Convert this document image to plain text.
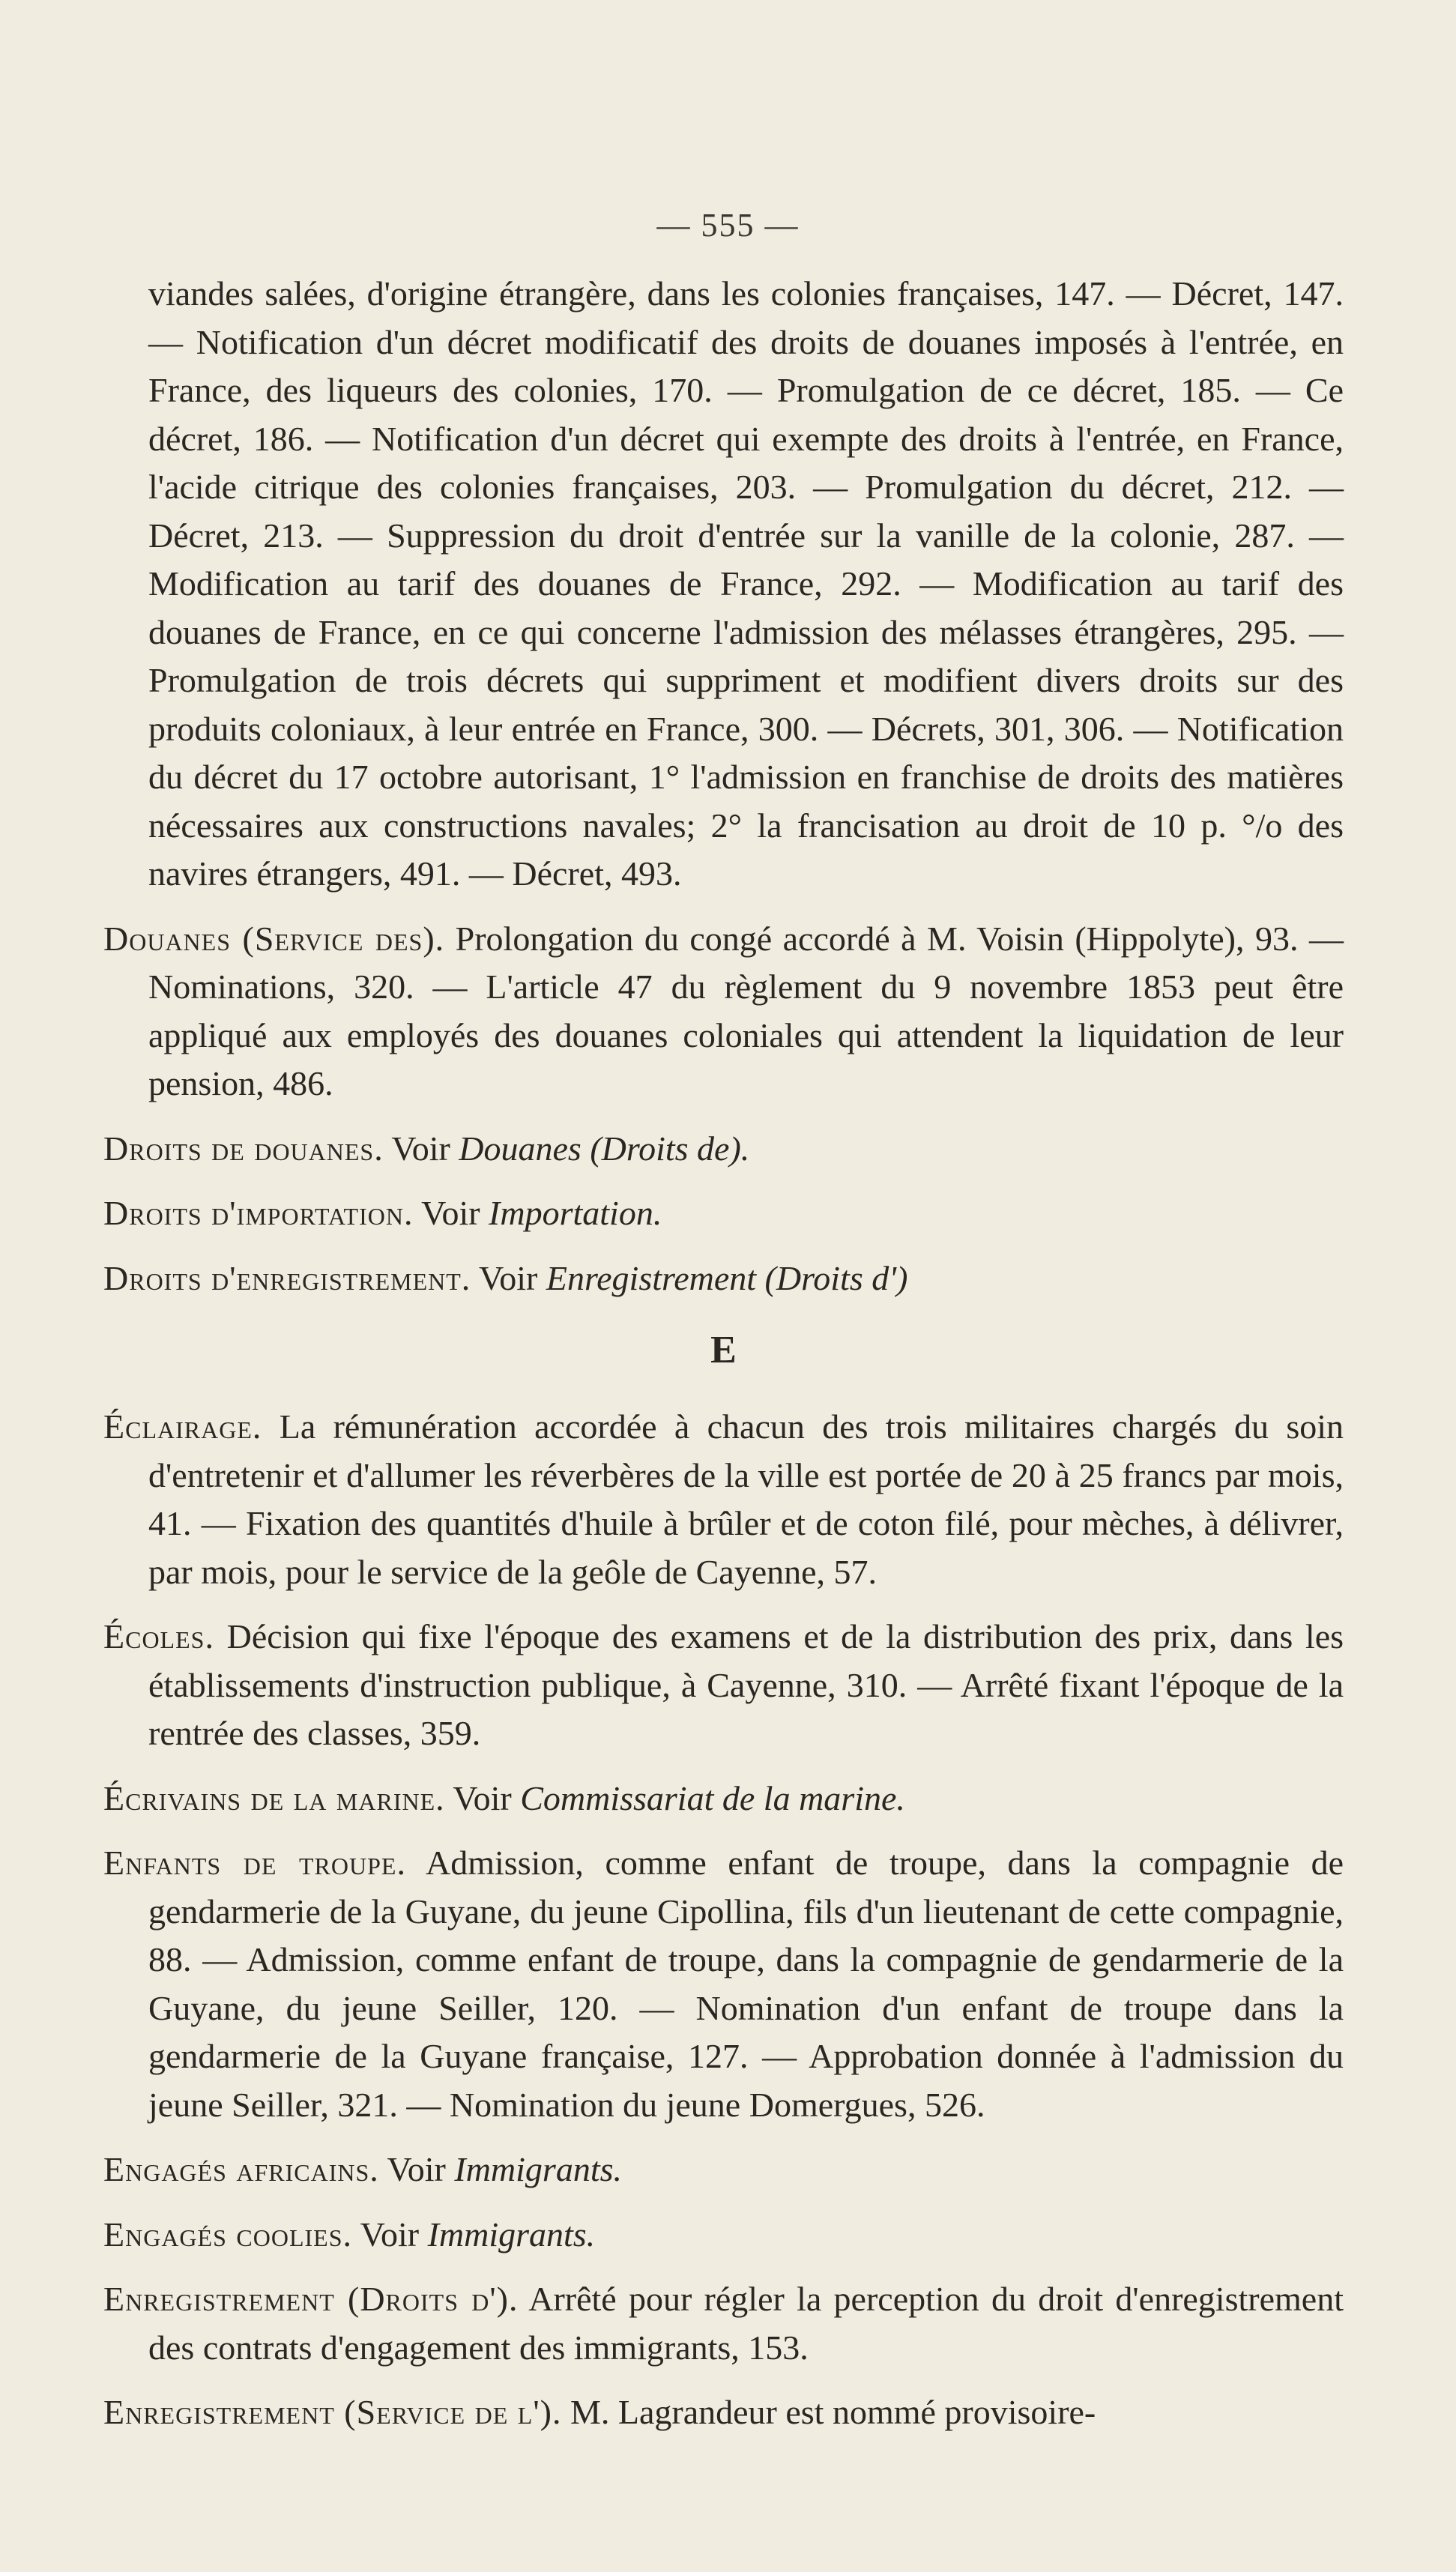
— 555 —

viandes salées, d'origine étrangère, dans les colonies françaises, 147. — Décret, 147. — Notification d'un décret modificatif des droits de douanes imposés à l'entrée, en France, des liqueurs des colonies, 170. — Promulgation de ce décret, 185. — Ce décret, 186. — Notification d'un décret qui exempte des droits à l'entrée, en France, l'acide citrique des colonies françaises, 203. — Promulgation du décret, 212. — Décret, 213. — Suppression du droit d'entrée sur la vanille de la colonie, 287. — Modification au tarif des douanes de France, 292. — Modification au tarif des douanes de France, en ce qui concerne l'admission des mélasses étrangères, 295. — Promulgation de trois décrets qui suppriment et modifient divers droits sur des produits coloniaux, à leur entrée en France, 300. — Décrets, 301, 306. — Notification du décret du 17 octobre autorisant, 1° l'admission en franchise de droits des matières nécessaires aux constructions navales; 2° la francisation au droit de 10 p. °/o des navires étrangers, 491. — Décret, 493.

Douanes (Service des). Prolongation du congé accordé à M. Voisin (Hippolyte), 93. — Nominations, 320. — L'article 47 du règlement du 9 novembre 1853 peut être appliqué aux employés des douanes coloniales qui attendent la liquidation de leur pension, 486.

Droits de douanes. Voir Douanes (Droits de).

Droits d'importation. Voir Importation.

Droits d'enregistrement. Voir Enregistrement (Droits d')

E

Éclairage. La rémunération accordée à chacun des trois militaires chargés du soin d'entretenir et d'allumer les réverbères de la ville est portée de 20 à 25 francs par mois, 41. — Fixation des quantités d'huile à brûler et de coton filé, pour mèches, à délivrer, par mois, pour le service de la geôle de Cayenne, 57.

Écoles. Décision qui fixe l'époque des examens et de la distribution des prix, dans les établissements d'instruction publique, à Cayenne, 310. — Arrêté fixant l'époque de la rentrée des classes, 359.

Écrivains de la marine. Voir Commissariat de la marine.

Enfants de troupe. Admission, comme enfant de troupe, dans la compagnie de gendarmerie de la Guyane, du jeune Cipollina, fils d'un lieutenant de cette compagnie, 88. — Admission, comme enfant de troupe, dans la compagnie de gendarmerie de la Guyane, du jeune Seiller, 120. — Nomination d'un enfant de troupe dans la gendarmerie de la Guyane française, 127. — Approbation donnée à l'admission du jeune Seiller, 321. — Nomination du jeune Domergues, 526.

Engagés africains. Voir Immigrants.

Engagés coolies. Voir Immigrants.

Enregistrement (Droits d'). Arrêté pour régler la perception du droit d'enregistrement des contrats d'engagement des immigrants, 153.

Enregistrement (Service de l'). M. Lagrandeur est nommé provisoire-
